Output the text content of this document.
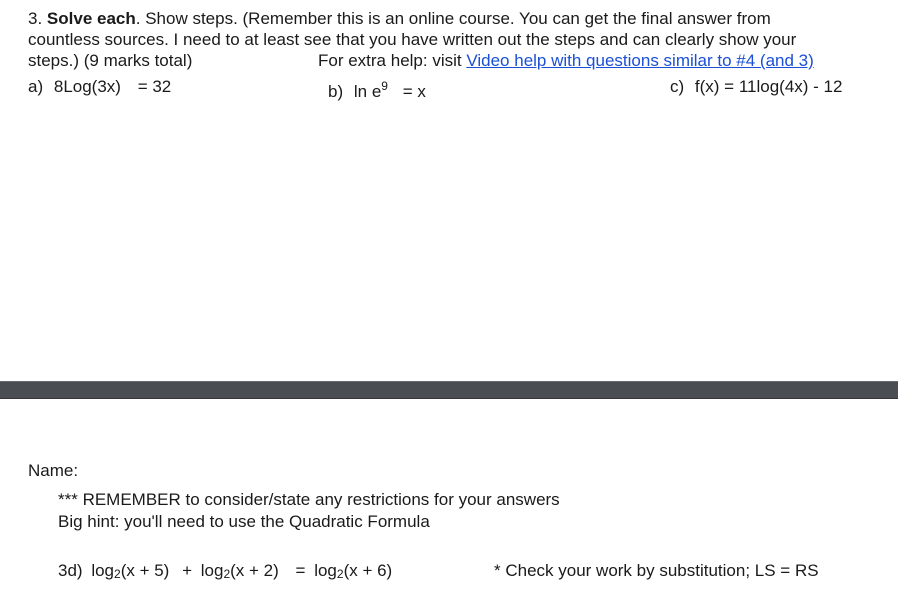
3. Solve each. Show steps. (Remember this is an online course. You can get the final answer from
countless sources. I need to at least see that you have written out the steps and can clearly show your
steps.) (9 marks total)	For extra help: visit Video help with questions similar to #4 (and 3)
a) 8Log(3x) = 32	b) $\ln e^9 = x$	c) f(x) = 11log(4x) - 12
Name:
*** REMEMBER to consider/state any restrictions for your answers
Big hint: you'll need to use the Quadratic Formula
3d) $\log_2(x + 5) + \log_2(x + 2) = \log_2(x + 6)$	* Check your work by substitution; LS = RS
